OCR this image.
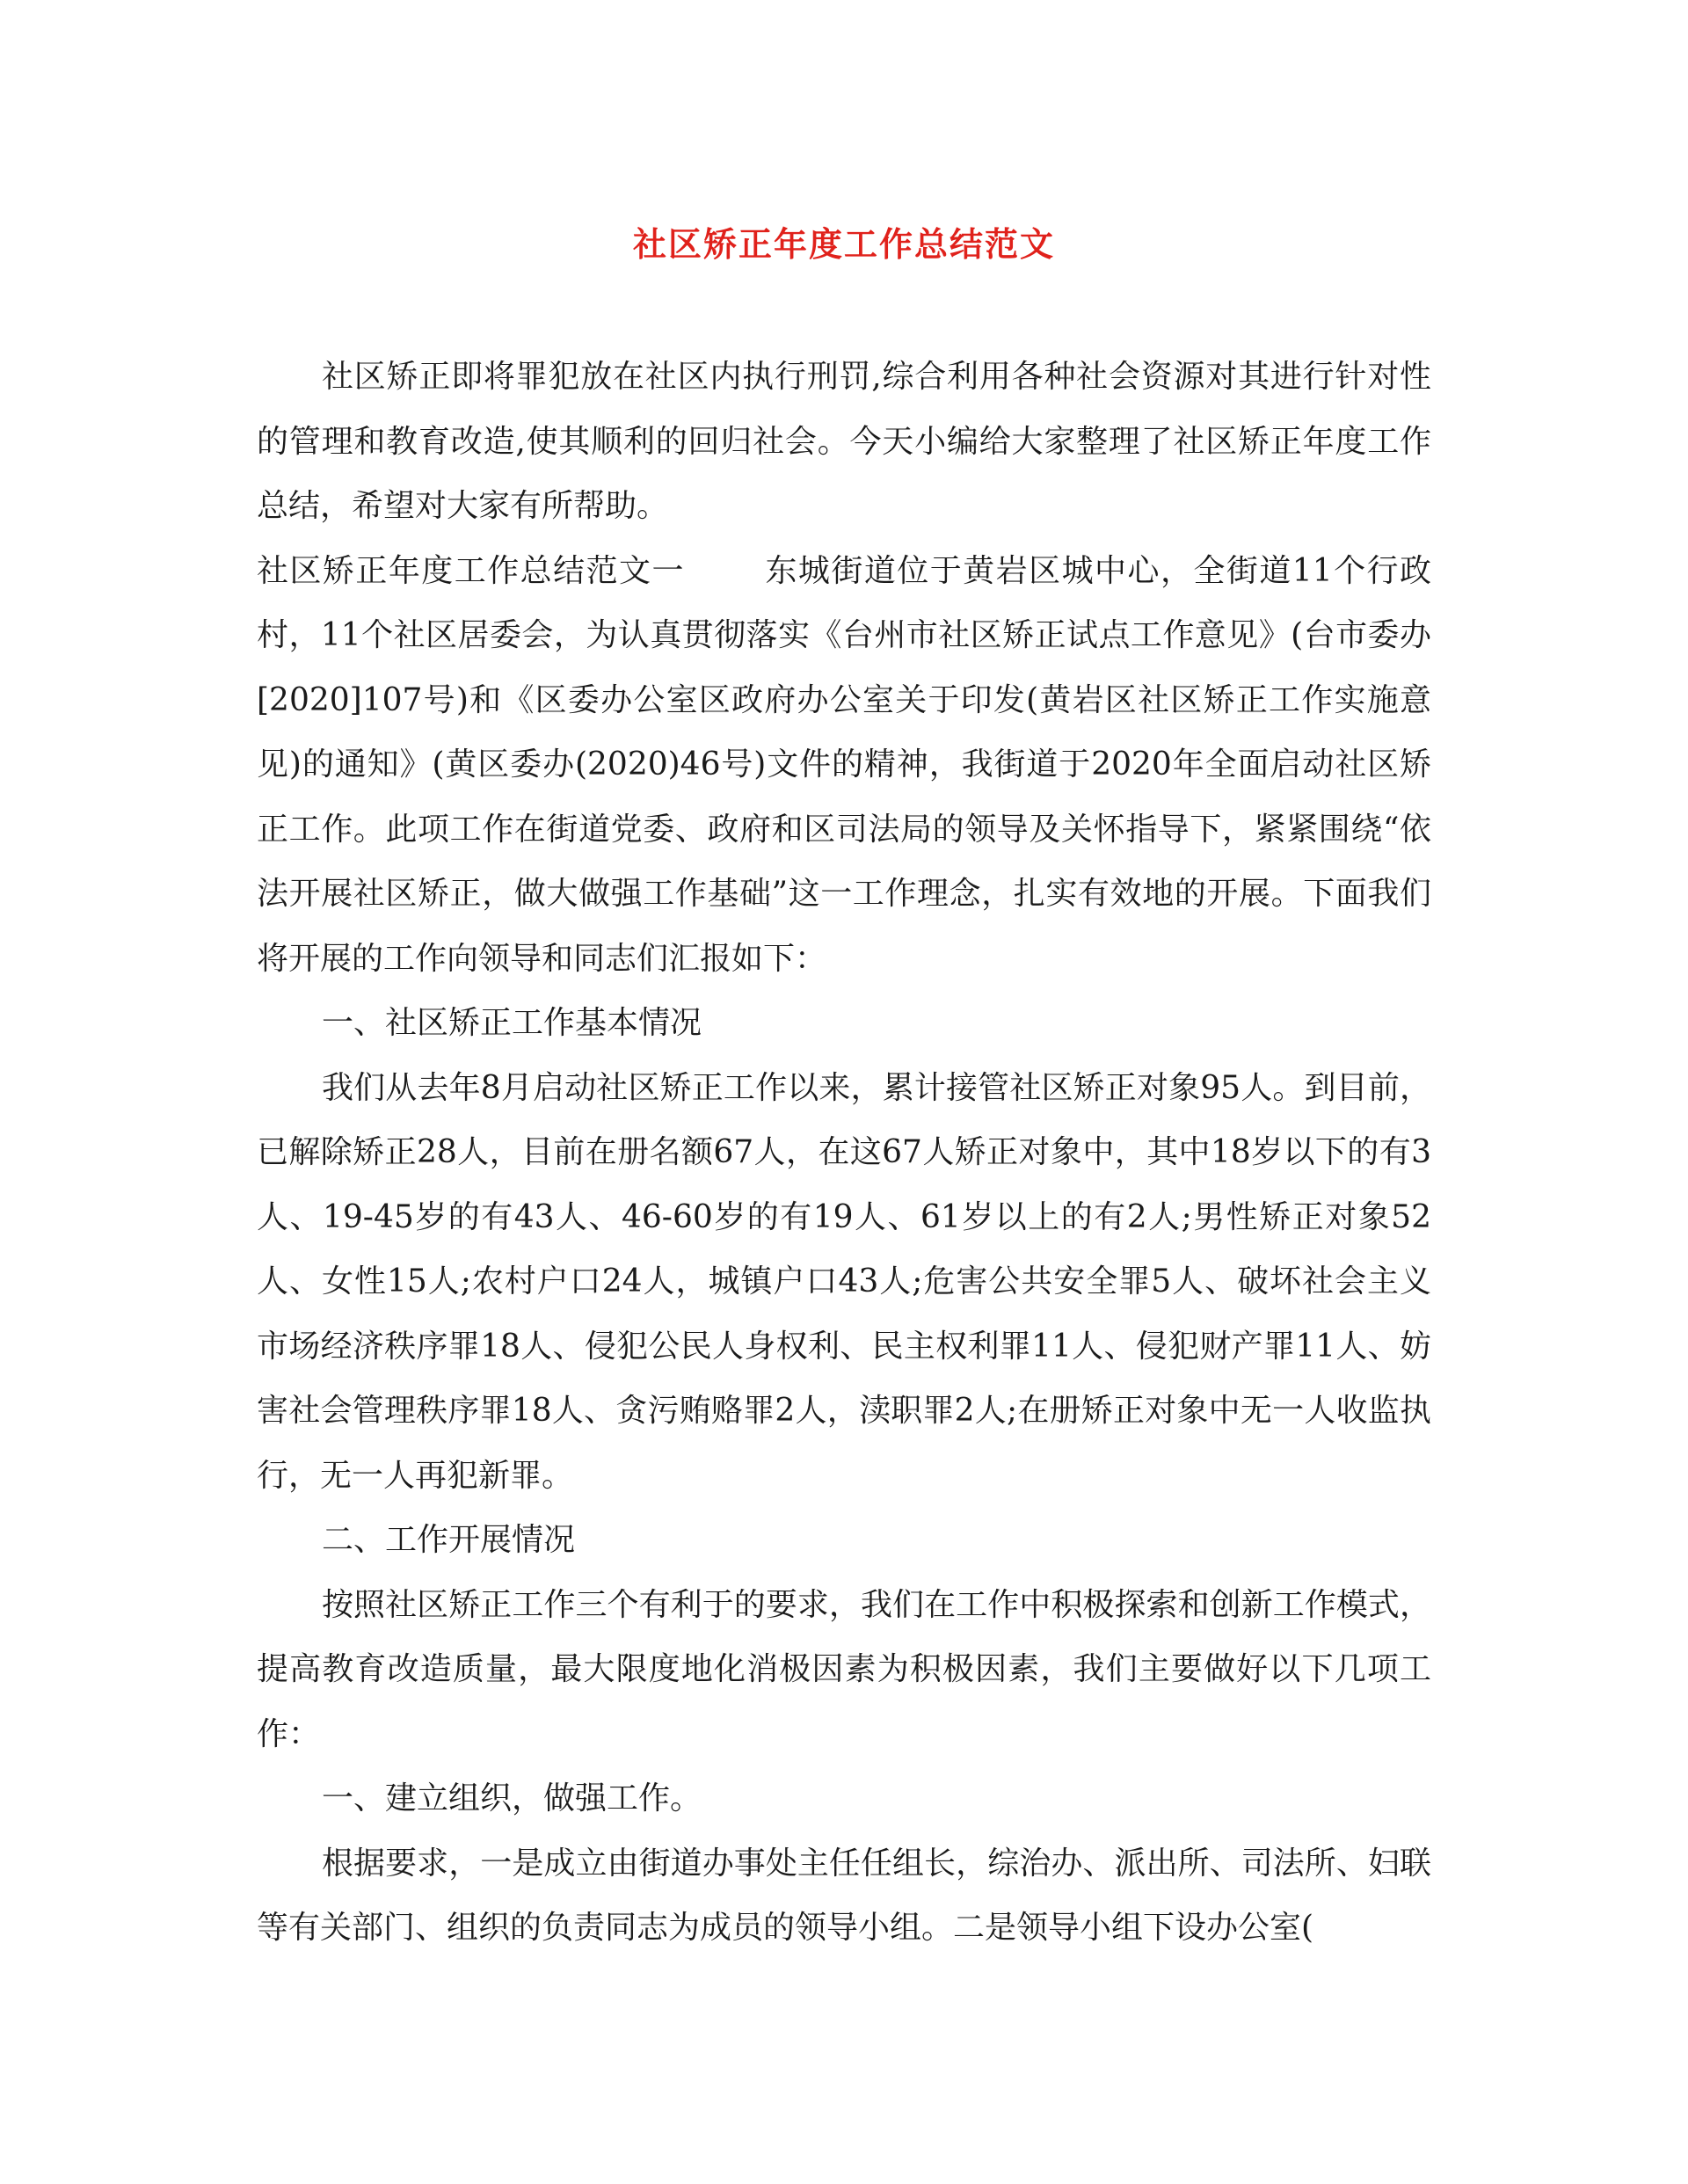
社区矫正年度工作总结范文

社区矫正即将罪犯放在社区内执行刑罚,综合利用各种社会资源对其进行针对性的管理和教育改造,使其顺利的回归社会。今天小编给大家整理了社区矫正年度工作总结，希望对大家有所帮助。

社区矫正年度工作总结范文一	东城街道位于黄岩区城中心，全街道11个行政村，11个社区居委会，为认真贯彻落实《台州市社区矫正试点工作意见》(台市委办[2020]107号)和《区委办公室区政府办公室关于印发(黄岩区社区矫正工作实施意见)的通知》(黄区委办(2020)46号)文件的精神，我街道于2020年全面启动社区矫正工作。此项工作在街道党委、政府和区司法局的领导及关怀指导下，紧紧围绕“依法开展社区矫正，做大做强工作基础”这一工作理念，扎实有效地的开展。下面我们将开展的工作向领导和同志们汇报如下：

一、社区矫正工作基本情况

我们从去年8月启动社区矫正工作以来，累计接管社区矫正对象95人。到目前，已解除矫正28人，目前在册名额67人，在这67人矫正对象中，其中18岁以下的有3人、19-45岁的有43人、46-60岁的有19人、61岁以上的有2人;男性矫正对象52人、女性15人;农村户口24人，城镇户口43人;危害公共安全罪5人、破坏社会主义市场经济秩序罪18人、侵犯公民人身权利、民主权利罪11人、侵犯财产罪11人、妨害社会管理秩序罪18人、贪污贿赂罪2人，渎职罪2人;在册矫正对象中无一人收监执行，无一人再犯新罪。

二、工作开展情况

按照社区矫正工作三个有利于的要求，我们在工作中积极探索和创新工作模式，提高教育改造质量，最大限度地化消极因素为积极因素，我们主要做好以下几项工作：

一、建立组织，做强工作。

根据要求，一是成立由街道办事处主任任组长，综治办、派出所、司法所、妇联等有关部门、组织的负责同志为成员的领导小组。二是领导小组下设办公室(
